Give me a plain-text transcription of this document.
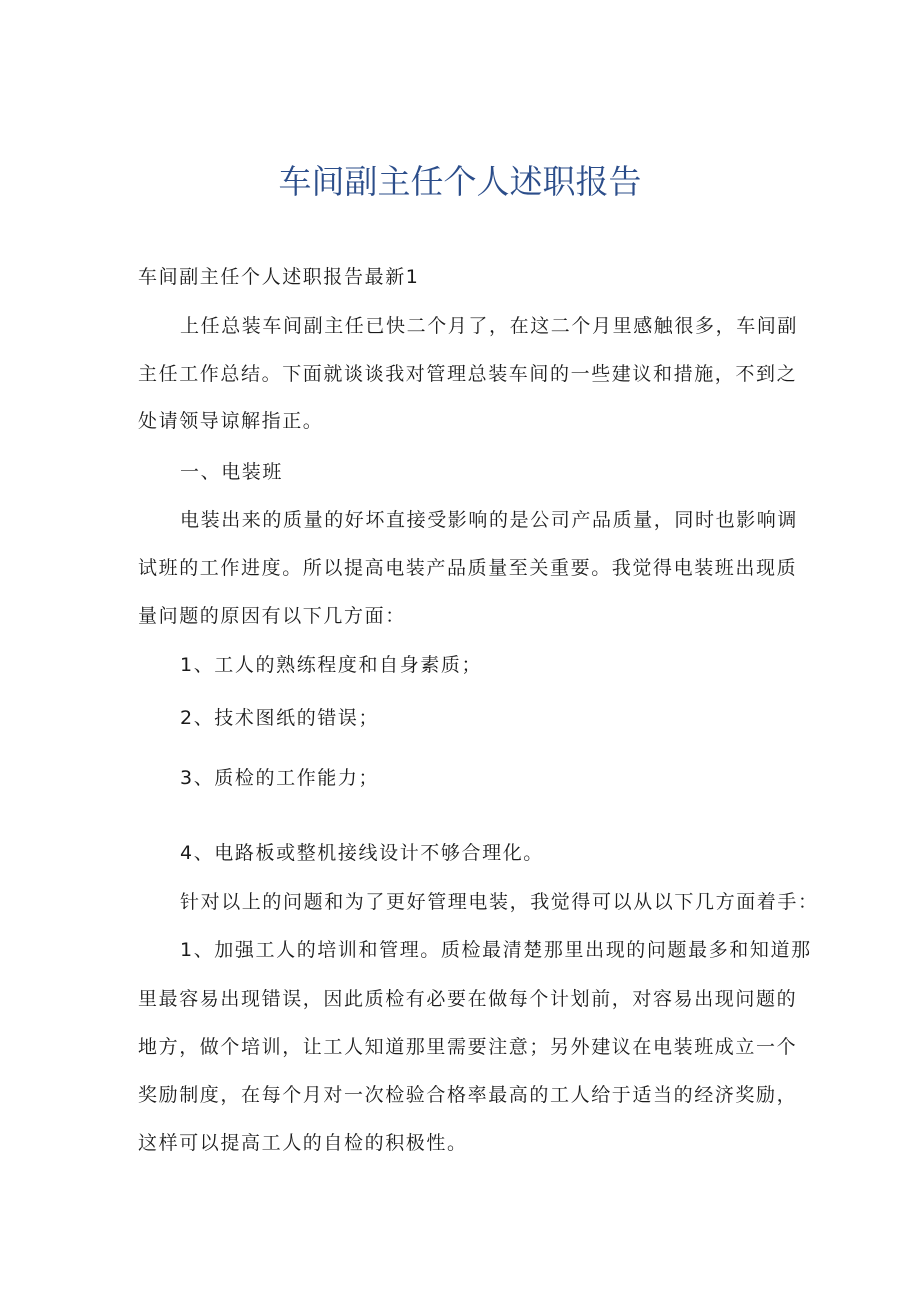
车间副主任个人述职报告

车间副主任个人述职报告最新1

上任总装车间副主任已快二个月了，在这二个月里感触很多，车间副

主任工作总结。下面就谈谈我对管理总装车间的一些建议和措施，不到之

处请领导谅解指正。

一、电装班

电装出来的质量的好坏直接受影响的是公司产品质量，同时也影响调

试班的工作进度。所以提高电装产品质量至关重要。我觉得电装班出现质

量问题的原因有以下几方面：

1、工人的熟练程度和自身素质；

2、技术图纸的错误；

3、质检的工作能力；

4、电路板或整机接线设计不够合理化。

针对以上的问题和为了更好管理电装，我觉得可以从以下几方面着手：

1、加强工人的培训和管理。质检最清楚那里出现的问题最多和知道那

里最容易出现错误，因此质检有必要在做每个计划前，对容易出现问题的

地方，做个培训，让工人知道那里需要注意；另外建议在电装班成立一个

奖励制度，在每个月对一次检验合格率最高的工人给于适当的经济奖励，

这样可以提高工人的自检的积极性。
